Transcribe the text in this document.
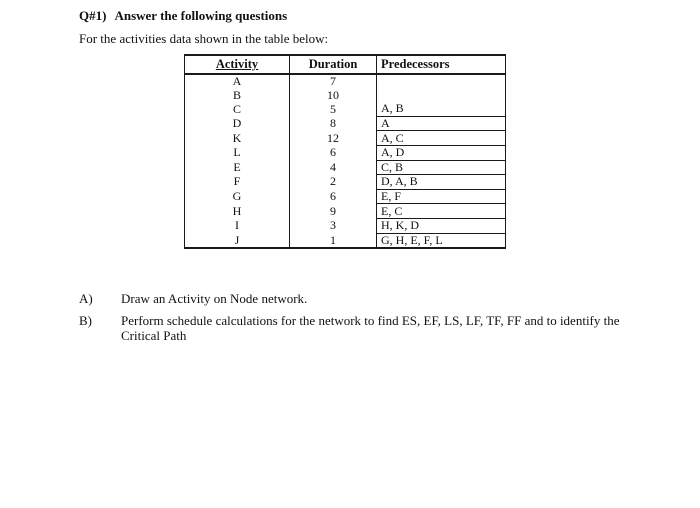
Q#1) Answer the following questions

For the activities data shown in the table below:

Activity	Duration	Predecessors
A	7	
B	10	
C	5	A, B
D	8	A
K	12	A, C
L	6	A, D
E	4	C, B
F	2	D, A, B
G	6	E, F
H	9	E, C
I	3	H, K, D
J	1	G, H, E, F, L
A)	Draw an Activity on Node network.
B)	Perform schedule calculations for the network to find ES, EF, LS, LF, TF, FF and to identify the Critical Path
